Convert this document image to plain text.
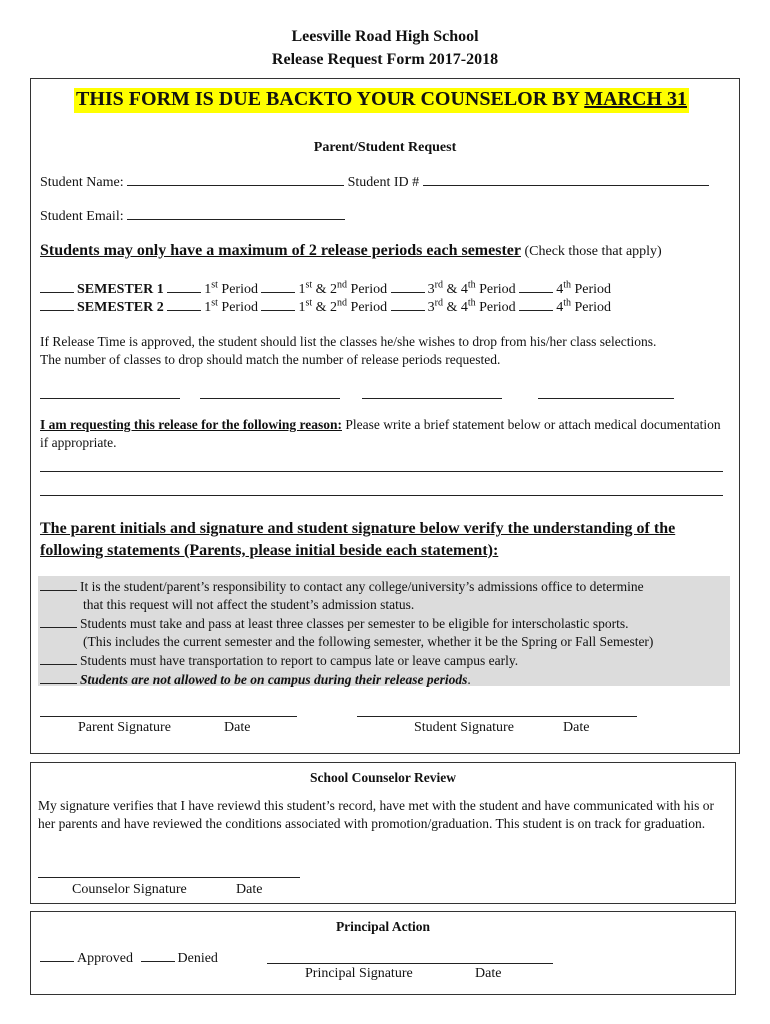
Leesville Road High School
Release Request Form 2017-2018
THIS FORM IS DUE BACKTO YOUR COUNSELOR BY MARCH 31
Parent/Student Request
Student Name:	Student ID #
Student Email:
Students may only have a maximum of 2 release periods each semester (Check those that apply)
SEMESTER 1	1st Period	1st & 2nd Period	3rd & 4th Period	4th Period
SEMESTER 2	1st Period	1st & 2nd Period	3rd & 4th Period	4th Period
If Release Time is approved, the student should list the classes he/she wishes to drop from his/her class selections. The number of classes to drop should match the number of release periods requested.
I am requesting this release for the following reason: Please write a brief statement below or attach medical documentation if appropriate.
The parent initials and signature and student signature below verify the understanding of the following statements (Parents, please initial beside each statement):
It is the student/parent’s responsibility to contact any college/university’s admissions office to determine
that this request will not affect the student’s admission status.
Students must take and pass at least three classes per semester to be eligible for interscholastic sports.
(This includes the current semester and the following semester, whether it be the Spring or Fall Semester)
Students must have transportation to report to campus late or leave campus early.
Students are not allowed to be on campus during their release periods.
Parent Signature	Date	Student Signature	Date
School Counselor Review
My signature verifies that I have reviewd this student’s record, have met with the student and have communicated with his or her parents and have reviewed the conditions associated with promotion/graduation. This student is on track for graduation.
Counselor Signature	Date
Principal Action
Approved	Denied
Principal Signature	Date
